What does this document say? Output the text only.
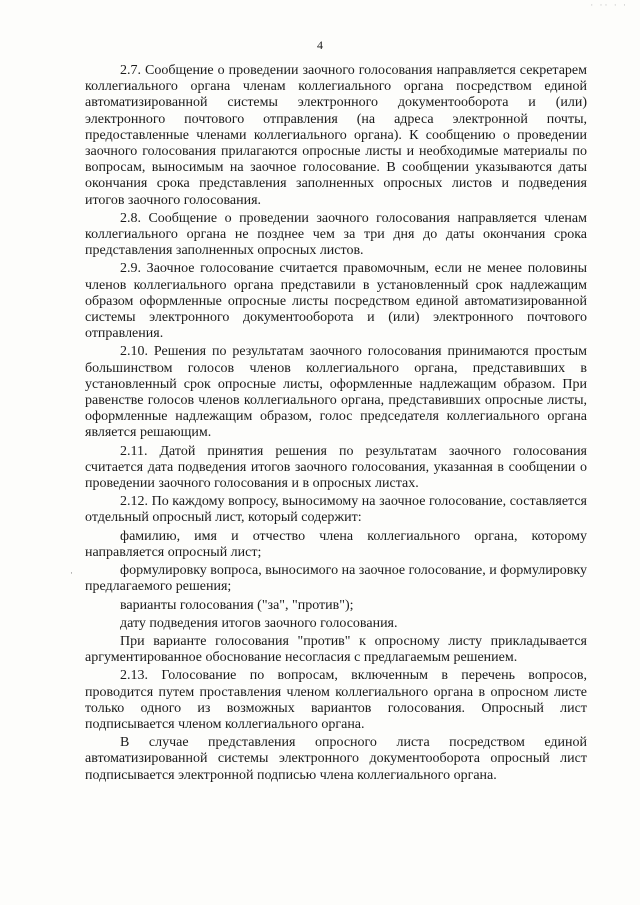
· ·· · ·
·
4

2.7. Сообщение о проведении заочного голосования направляется секретарем коллегиального органа членам коллегиального органа посредством единой автоматизированной системы электронного документооборота и (или) электронного почтового отправления (на адреса электронной почты, предоставленные членами коллегиального органа). К сообщению о проведении заочного голосования прилагаются опросные листы и необходимые материалы по вопросам, выносимым на заочное голосование. В сообщении указываются даты окончания срока представления заполненных опросных листов и подведения итогов заочного голосования.

2.8. Сообщение о проведении заочного голосования направляется членам коллегиального органа не позднее чем за три дня до даты окончания срока представления заполненных опросных листов.

2.9. Заочное голосование считается правомочным, если не менее половины членов коллегиального органа представили в установленный срок надлежащим образом оформленные опросные листы посредством единой автоматизированной системы электронного документооборота и (или) электронного почтового отправления.

2.10. Решения по результатам заочного голосования принимаются простым большинством голосов членов коллегиального органа, представивших в установленный срок опросные листы, оформленные надлежащим образом. При равенстве голосов членов коллегиального органа, представивших опросные листы, оформленные надлежащим образом, голос председателя коллегиального органа является решающим.

2.11. Датой принятия решения по результатам заочного голосования считается дата подведения итогов заочного голосования, указанная в сообщении о проведении заочного голосования и в опросных листах.

2.12. По каждому вопросу, выносимому на заочное голосование, составляется отдельный опросный лист, который содержит:

фамилию, имя и отчество члена коллегиального органа, которому направляется опросный лист;

формулировку вопроса, выносимого на заочное голосование, и формулировку предлагаемого решения;

варианты голосования ("за", "против");

дату подведения итогов заочного голосования.

При варианте голосования "против" к опросному листу прикладывается аргументированное обоснование несогласия с предлагаемым решением.

2.13. Голосование по вопросам, включенным в перечень вопросов, проводится путем проставления членом коллегиального органа в опросном листе только одного из возможных вариантов голосования. Опросный лист подписывается членом коллегиального органа.

В случае представления опросного листа посредством единой автоматизированной системы электронного документооборота опросный лист подписывается электронной подписью члена коллегиального органа.
